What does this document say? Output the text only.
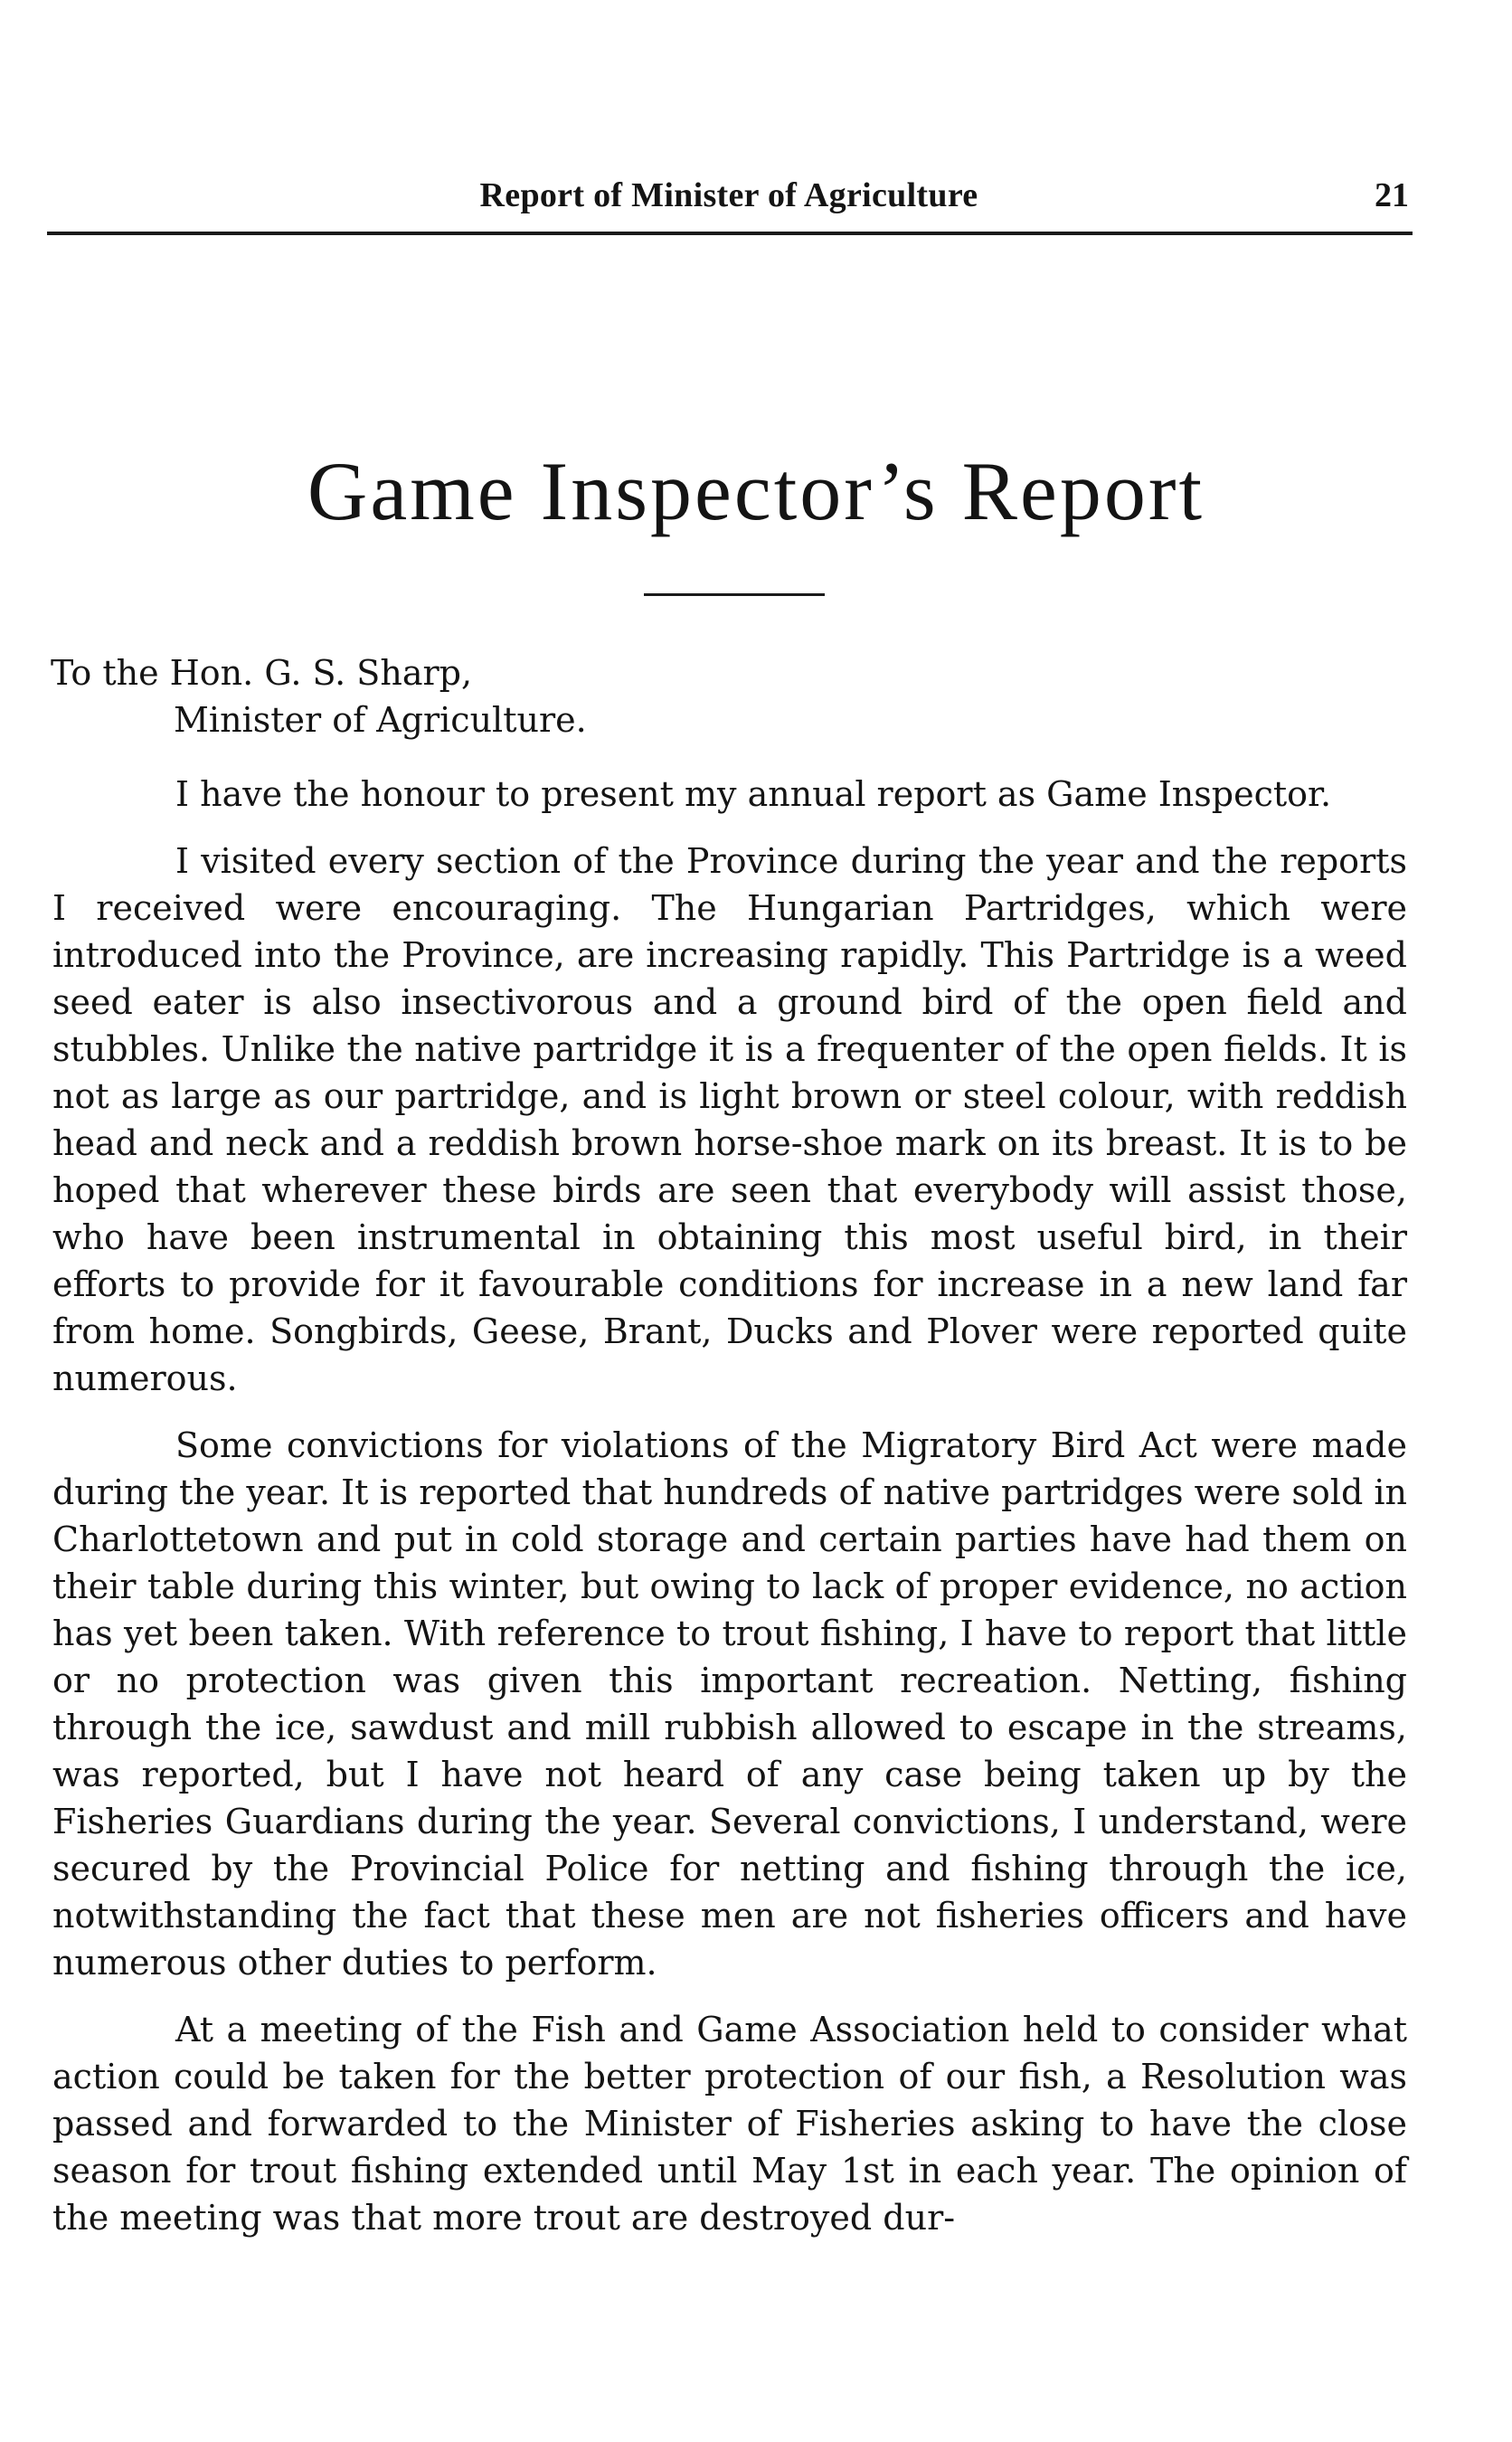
Report of Minister of Agriculture	21
Game Inspector’s Report
To the Hon. G. S. Sharp,
Minister of Agriculture.

I have the honour to present my annual report as Game Inspector.

I visited every section of the Province during the year and the reports I received were encouraging. The Hungarian Partridges, which were introduced into the Province, are increasing rapidly. This Partridge is a weed seed eater is also insectivorous and a ground bird of the open field and stubbles. Unlike the native partridge it is a frequenter of the open fields. It is not as large as our partridge, and is light brown or steel colour, with reddish head and neck and a reddish brown horse-shoe mark on its breast. It is to be hoped that wherever these birds are seen that everybody will assist those, who have been instrumental in obtaining this most useful bird, in their efforts to provide for it favourable conditions for increase in a new land far from home. Songbirds, Geese, Brant, Ducks and Plover were reported quite numerous.

Some convictions for violations of the Migratory Bird Act were made during the year. It is reported that hundreds of native partridges were sold in Charlottetown and put in cold storage and certain parties have had them on their table during this winter, but owing to lack of proper evidence, no action has yet been taken. With reference to trout fishing, I have to report that little or no protection was given this important recreation. Netting, fishing through the ice, sawdust and mill rubbish allowed to escape in the streams, was reported, but I have not heard of any case being taken up by the Fisheries Guardians during the year. Several convictions, I understand, were secured by the Provincial Police for netting and fishing through the ice, notwithstanding the fact that these men are not fisheries officers and have numerous other duties to perform.

At a meeting of the Fish and Game Association held to consider what action could be taken for the better protection of our fish, a Resolution was passed and forwarded to the Minister of Fisheries asking to have the close season for trout fishing extended until May 1st in each year. The opinion of the meeting was that more trout are destroyed dur-
